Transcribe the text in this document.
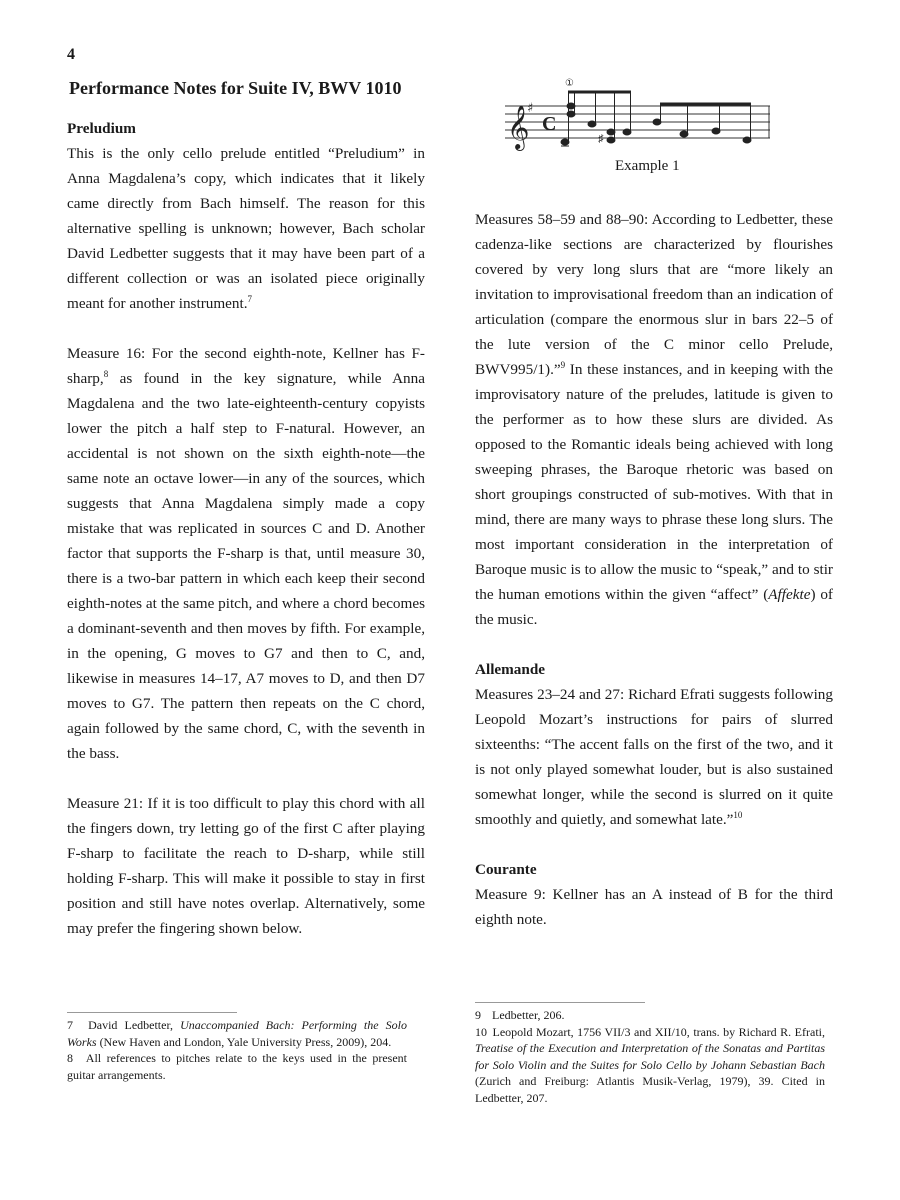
4
Performance Notes for Suite IV, BWV 1010
Preludium

This is the only cello prelude entitled “Preludium” in Anna Magdalena’s copy, which indicates that it likely came directly from Bach himself. The reason for this alternative spelling is unknown; however, Bach scholar David Ledbetter suggests that it may have been part of a different collection or was an isolated piece originally meant for another instrument.$^7$

Measure 16: For the second eighth-note, Kellner has F-sharp,$^8$ as found in the key signature, while Anna Magdalena and the two late-eighteenth-century copyists lower the pitch a half step to F-natural. However, an accidental is not shown on the sixth eighth-note—the same note an octave lower—in any of the sources, which suggests that Anna Magdalena simply made a copy mistake that was replicated in sources C and D. Another factor that supports the F-sharp is that, until measure 30, there is a two-bar pattern in which each keep their second eighth-notes at the same pitch, and where a chord becomes a dominant-seventh and then moves by fifth. For example, in the opening, G moves to G7 and then to C, and, likewise in measures 14–17, A7 moves to D, and then D7 moves to G7. The pattern then repeats on the C chord, again followed by the same chord, C, with the seventh in the bass.

Measure 21: If it is too difficult to play this chord with all the fingers down, try letting go of the first C after playing F-sharp to facilitate the reach to D-sharp, while still holding F-sharp. This will make it possible to stay in first position and still have notes overlap. Alternatively, some may prefer the fingering shown below.

𝄞
♯
C
①
♯
Example 1

Measures 58–59 and 88–90: According to Ledbetter, these cadenza-like sections are characterized by flourishes covered by very long slurs that are “more likely an invitation to improvisational freedom than an indication of articulation (compare the enormous slur in bars 22–5 of the lute version of the C minor cello Prelude, BWV995/1).”$^9$ In these instances, and in keeping with the improvisatory nature of the preludes, latitude is given to the performer as to how these slurs are divided. As opposed to the Romantic ideals being achieved with long sweeping phrases, the Baroque rhetoric was based on short groupings constructed of sub-motives. With that in mind, there are many ways to phrase these long slurs. The most important consideration in the interpretation of Baroque music is to allow the music to “speak,” and to stir the human emotions within the given “affect” (Affekte) of the music.

Allemande

Measures 23–24 and 27: Richard Efrati suggests following Leopold Mozart’s instructions for pairs of slurred sixteenths: “The accent falls on the first of the two, and it is not only played somewhat louder, but is also sustained somewhat longer, while the second is slurred on it quite smoothly and quietly, and somewhat late.”$^{10}$

Courante

Measure 9: Kellner has an A instead of B for the third eighth note.

7 David Ledbetter, Unaccompanied Bach: Performing the Solo Works (New Haven and London, Yale University Press, 2009), 204.

8 All references to pitches relate to the keys used in the present guitar arrangements.

9 Ledbetter, 206.

10 Leopold Mozart, 1756 VII/3 and XII/10, trans. by Richard R. Efrati, Treatise of the Execution and Interpretation of the Sonatas and Partitas for Solo Violin and the Suites for Solo Cello by Johann Sebastian Bach (Zurich and Freiburg: Atlantis Musik-Verlag, 1979), 39. Cited in Ledbetter, 207.
